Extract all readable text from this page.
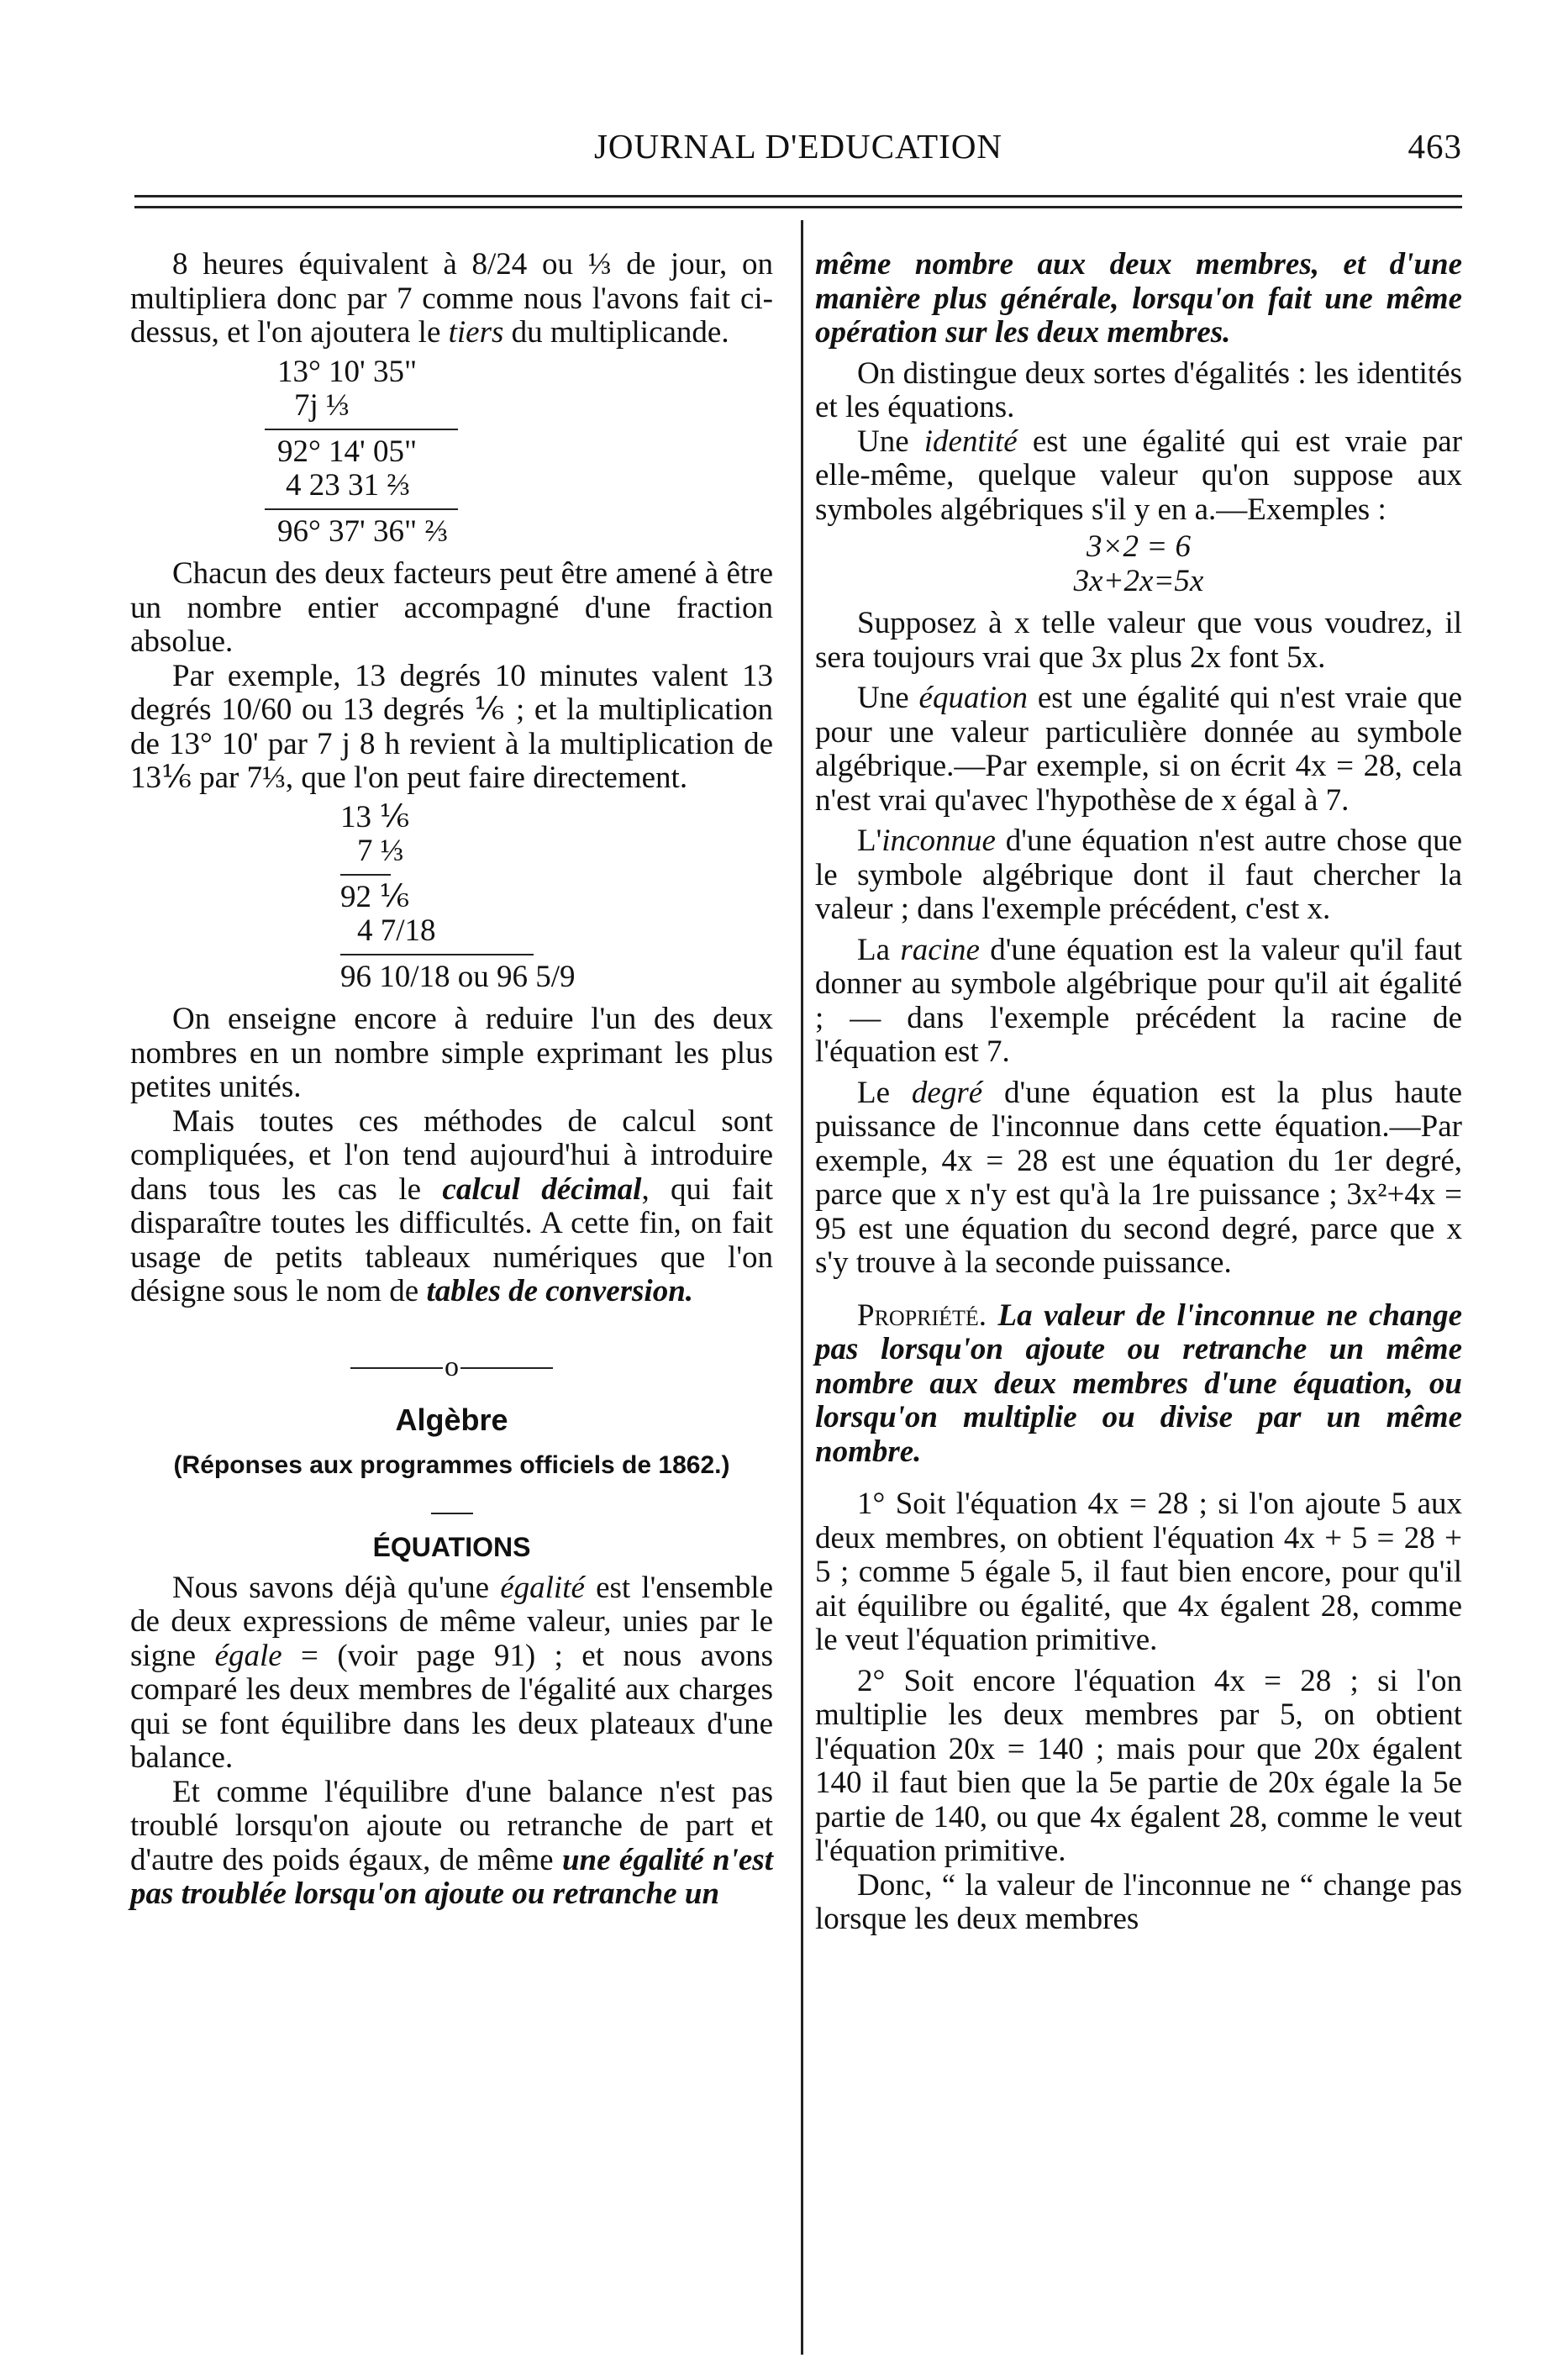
JOURNAL D'EDUCATION	463

8 heures équivalent à 8/24 ou ⅓ de jour, on multipliera donc par 7 comme nous l'avons fait ci-dessus, et l'on ajoutera le tiers du multiplicande.

13° 10' 35"
7j ⅓
92° 14' 05"
4 23 31 ⅔
96° 37' 36" ⅔

Chacun des deux facteurs peut être amené à être un nombre entier accompagné d'une fraction absolue.

Par exemple, 13 degrés 10 minutes valent 13 degrés 10/60 ou 13 degrés ⅙ ; et la multiplication de 13° 10' par 7 j 8 h revient à la multiplication de 13⅙ par 7⅓, que l'on peut faire directement.

13 ⅙
7 ⅓
92 ⅙
4 7/18
96 10/18 ou 96 5/9

On enseigne encore à reduire l'un des deux nombres en un nombre simple exprimant les plus petites unités.

Mais toutes ces méthodes de calcul sont compliquées, et l'on tend aujourd'hui à introduire dans tous les cas le calcul décimal, qui fait disparaître toutes les difficultés. A cette fin, on fait usage de petits tableaux numériques que l'on désigne sous le nom de tables de conversion.

o
Algèbre
(Réponses aux programmes officiels de 1862.)
ÉQUATIONS

Nous savons déjà qu'une égalité est l'ensemble de deux expressions de même valeur, unies par le signe égale = (voir page 91) ; et nous avons comparé les deux membres de l'égalité aux charges qui se font équilibre dans les deux plateaux d'une balance.

Et comme l'équilibre d'une balance n'est pas troublé lorsqu'on ajoute ou retranche de part et d'autre des poids égaux, de même une égalité n'est pas troublée lorsqu'on ajoute ou retranche un

même nombre aux deux membres, et d'une manière plus générale, lorsqu'on fait une même opération sur les deux membres.

On distingue deux sortes d'égalités : les identités et les équations.

Une identité est une égalité qui est vraie par elle-même, quelque valeur qu'on suppose aux symboles algébriques s'il y en a.—Exemples :

3×2 = 6
3x+2x=5x

Supposez à x telle valeur que vous voudrez, il sera toujours vrai que 3x plus 2x font 5x.

Une équation est une égalité qui n'est vraie que pour une valeur particulière donnée au symbole algébrique.—Par exemple, si on écrit 4x = 28, cela n'est vrai qu'avec l'hypothèse de x égal à 7.

L'inconnue d'une équation n'est autre chose que le symbole algébrique dont il faut chercher la valeur ; dans l'exemple précédent, c'est x.

La racine d'une équation est la valeur qu'il faut donner au symbole algébrique pour qu'il ait égalité ; — dans l'exemple précédent la racine de l'équation est 7.

Le degré d'une équation est la plus haute puissance de l'inconnue dans cette équation.—Par exemple, 4x = 28 est une équation du 1er degré, parce que x n'y est qu'à la 1re puissance ; 3x²+4x = 95 est une équation du second degré, parce que x s'y trouve à la seconde puissance.

Propriété. La valeur de l'inconnue ne change pas lorsqu'on ajoute ou retranche un même nombre aux deux membres d'une équation, ou lorsqu'on multiplie ou divise par un même nombre.

1° Soit l'équation 4x = 28 ; si l'on ajoute 5 aux deux membres, on obtient l'équation 4x + 5 = 28 + 5 ; comme 5 égale 5, il faut bien encore, pour qu'il ait équilibre ou égalité, que 4x égalent 28, comme le veut l'équation primitive.

2° Soit encore l'équation 4x = 28 ; si l'on multiplie les deux membres par 5, on obtient l'équation 20x = 140 ; mais pour que 20x égalent 140 il faut bien que la 5e partie de 20x égale la 5e partie de 140, ou que 4x égalent 28, comme le veut l'équation primitive.

Donc, “ la valeur de l'inconnue ne “ change pas lorsque les deux membres
